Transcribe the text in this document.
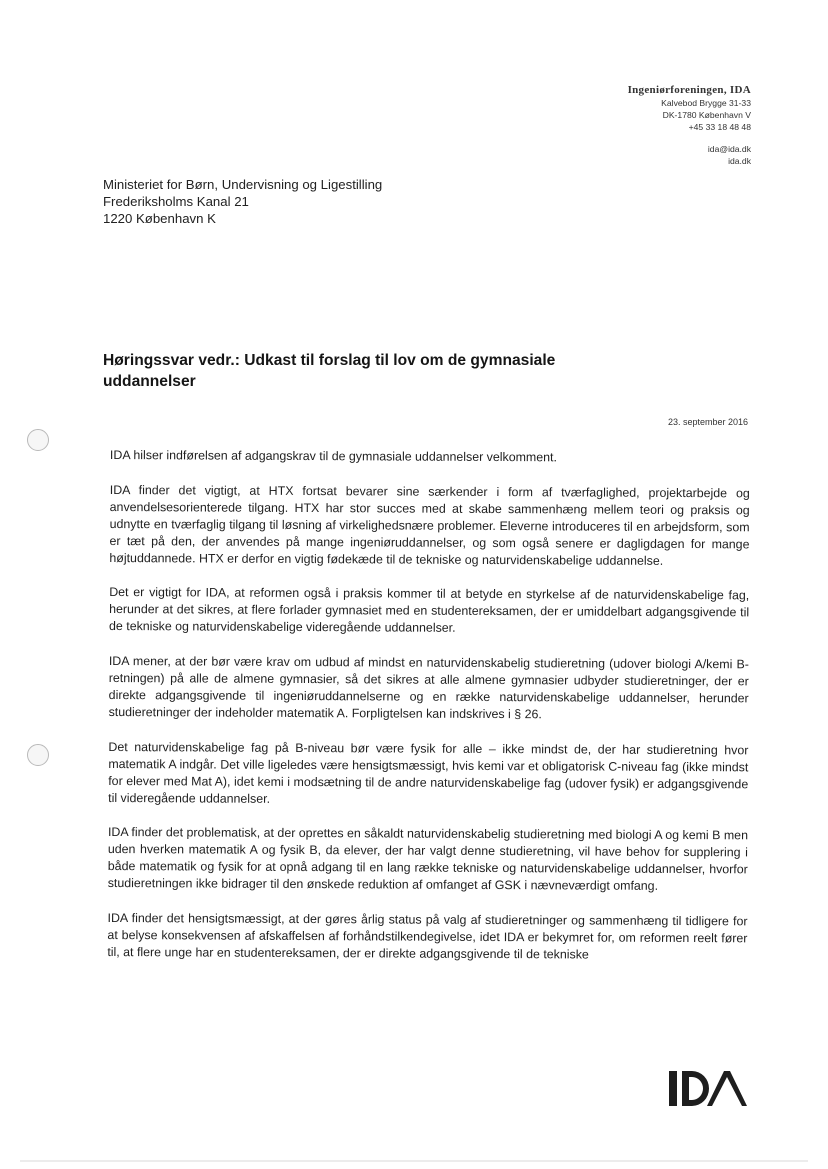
Ingeniørforeningen, IDA
Kalvebod Brygge 31-33
DK-1780 København V
+45 33 18 48 48
ida@ida.dk
ida.dk
Ministeriet for Børn, Undervisning og Ligestilling
Frederiksholms Kanal 21
1220 København K
Høringssvar vedr.: Udkast til forslag til lov om de gymnasiale uddannelser
23. september 2016

IDA hilser indførelsen af adgangskrav til de gymnasiale uddannelser velkomment.

IDA finder det vigtigt, at HTX fortsat bevarer sine særkender i form af tværfaglighed, projektarbejde og anvendelsesorienterede tilgang. HTX har stor succes med at skabe sammenhæng mellem teori og praksis og udnytte en tværfaglig tilgang til løsning af virkelighedsnære problemer. Eleverne introduceres til en arbejdsform, som er tæt på den, der anvendes på mange ingeniøruddannelser, og som også senere er dagligdagen for mange højtuddannede. HTX er derfor en vigtig fødekæde til de tekniske og naturvidenskabelige uddannelse.

Det er vigtigt for IDA, at reformen også i praksis kommer til at betyde en styrkelse af de naturvidenskabelige fag, herunder at det sikres, at flere forlader gymnasiet med en studentereksamen, der er umiddelbart adgangsgivende til de tekniske og naturvidenskabelige videregående uddannelser.

IDA mener, at der bør være krav om udbud af mindst en naturvidenskabelig studieretning (udover biologi A/kemi B-retningen) på alle de almene gymnasier, så det sikres at alle almene gymnasier udbyder studieretninger, der er direkte adgangsgivende til ingeniøruddannelserne og en række naturvidenskabelige uddannelser, herunder studieretninger der indeholder matematik A. Forpligtelsen kan indskrives i § 26.

Det naturvidenskabelige fag på B-niveau bør være fysik for alle – ikke mindst de, der har studieretning hvor matematik A indgår. Det ville ligeledes være hensigtsmæssigt, hvis kemi var et obligatorisk C-niveau fag (ikke mindst for elever med Mat A), idet kemi i modsætning til de andre naturvidenskabelige fag (udover fysik) er adgangsgivende til videregående uddannelser.

IDA finder det problematisk, at der oprettes en såkaldt naturvidenskabelig studieretning med biologi A og kemi B men uden hverken matematik A og fysik B, da elever, der har valgt denne studieretning, vil have behov for supplering i både matematik og fysik for at opnå adgang til en lang række tekniske og naturvidenskabelige uddannelser, hvorfor studieretningen ikke bidrager til den ønskede reduktion af omfanget af GSK i nævneværdigt omfang.

IDA finder det hensigtsmæssigt, at der gøres årlig status på valg af studieretninger og sammenhæng til tidligere for at belyse konsekvensen af afskaffelsen af forhåndstilkendegivelse, idet IDA er bekymret for, om reformen reelt fører til, at flere unge har en studentereksamen, der er direkte adgangsgivende til de tekniske
